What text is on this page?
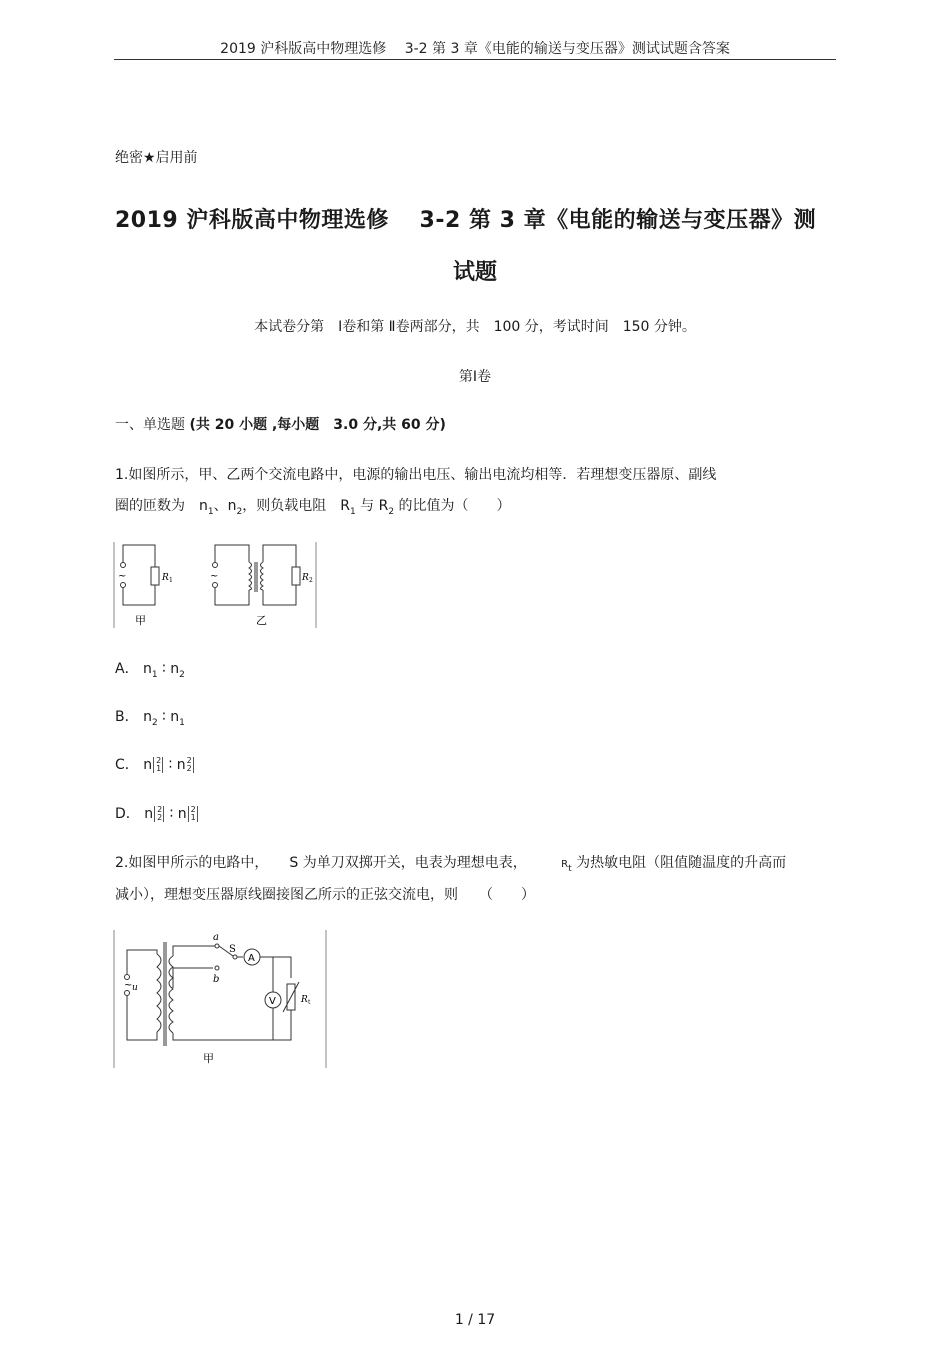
2019 沪科版高中物理选修　 3-2 第 3 章《电能的输送与变压器》测试试题含答案
绝密★启用前
2019 沪科版高中物理选修　 3-2 第 3 章《电能的输送与变压器》测
试题
本试卷分第　Ⅰ卷和第 Ⅱ卷两部分，共　100 分，考试时间　150 分钟。
第Ⅰ卷
一、单选题 (共 20 小题 ,每小题　3.0 分,共 60 分)
1.如图所示，甲、乙两个交流电路中，电源的输出电压、输出电流均相等．若理想变压器原、副线
圈的匝数为　$n_1$、$n_2$，则负载电阻　$R_1$ 与 $R_2$ 的比值为（　　）
~	~
R 1	R 2
甲	乙
A． $n_1$ ∶ $n_2$
B． $n_2$ ∶ $n_1$
C． n 2
1 ∶ n 2
2
D． n 2
2 ∶ n 2
1
2.如图甲所示的电路中，　　S 为单刀双掷开关，电表为理想电表，	$R_t$ 为热敏电阻（阻值随温度的升高而
减小），理想变压器原线圈接图乙所示的正弦交流电，则　　（　　）
a
b
S
A
V
~ u
R t
甲
1 / 17
